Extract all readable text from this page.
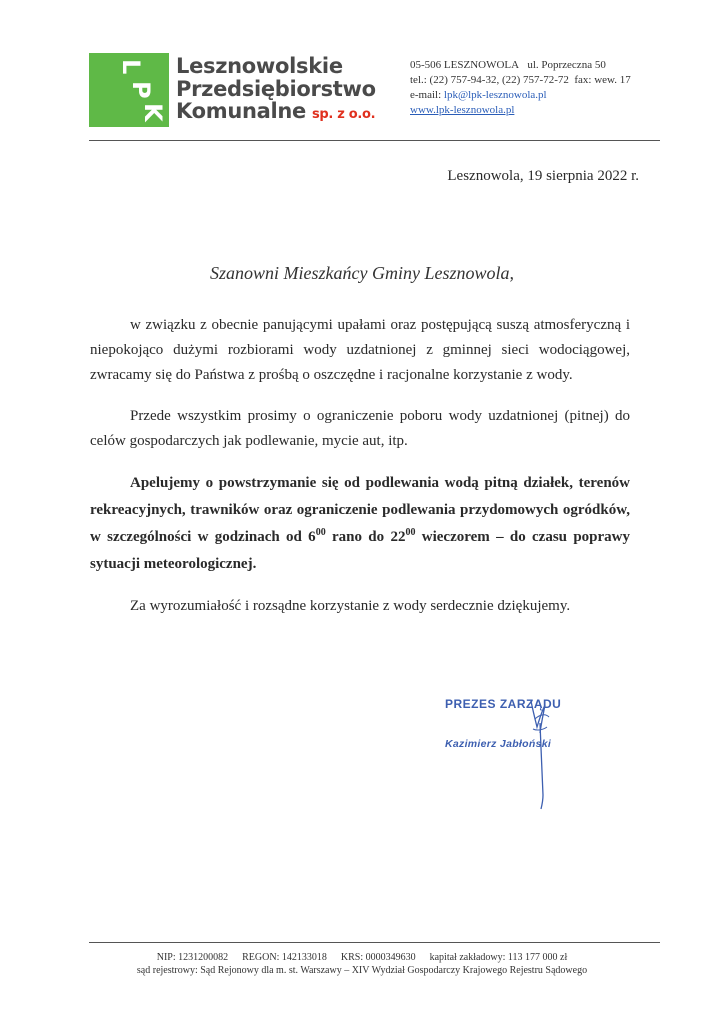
L
P
K
Lesznowolskie
Przedsiębiorstwo
Komunalne sp. z o.o.
05-506 LESZNOWOLA ul. Poprzeczna 50
tel.: (22) 757-94-32, (22) 757-72-72 fax: wew. 17
e-mail: lpk@lpk-lesznowola.pl
www.lpk-lesznowola.pl
Lesznowola, 19 sierpnia 2022 r.
Szanowni Mieszkańcy Gminy Lesznowola,

w związku z obecnie panującymi upałami oraz postępującą suszą atmosferyczną i niepokojąco dużymi rozbiorami wody uzdatnionej z gminnej sieci wodociągowej, zwracamy się do Państwa z prośbą o oszczędne i racjonalne korzystanie z wody.

Przede wszystkim prosimy o ograniczenie poboru wody uzdatnionej (pitnej) do celów gospodarczych jak podlewanie, mycie aut, itp.

Apelujemy o powstrzymanie się od podlewania wodą pitną działek, terenów rekreacyjnych, trawników oraz ograniczenie podlewania przydomowych ogródków, w szczególności w godzinach od $6^{00}$ rano do $22^{00}$ wieczorem – do czasu poprawy sytuacji meteorologicznej.

Za wyrozumiałość i rozsądne korzystanie z wody serdecznie dziękujemy.

PREZES ZARZĄDU
Kazimierz Jabłoński
NIP: 1231200082 REGON: 142133018 KRS: 0000349630 kapitał zakładowy: 113 177 000 zł
sąd rejestrowy: Sąd Rejonowy dla m. st. Warszawy – XIV Wydział Gospodarczy Krajowego Rejestru Sądowego
